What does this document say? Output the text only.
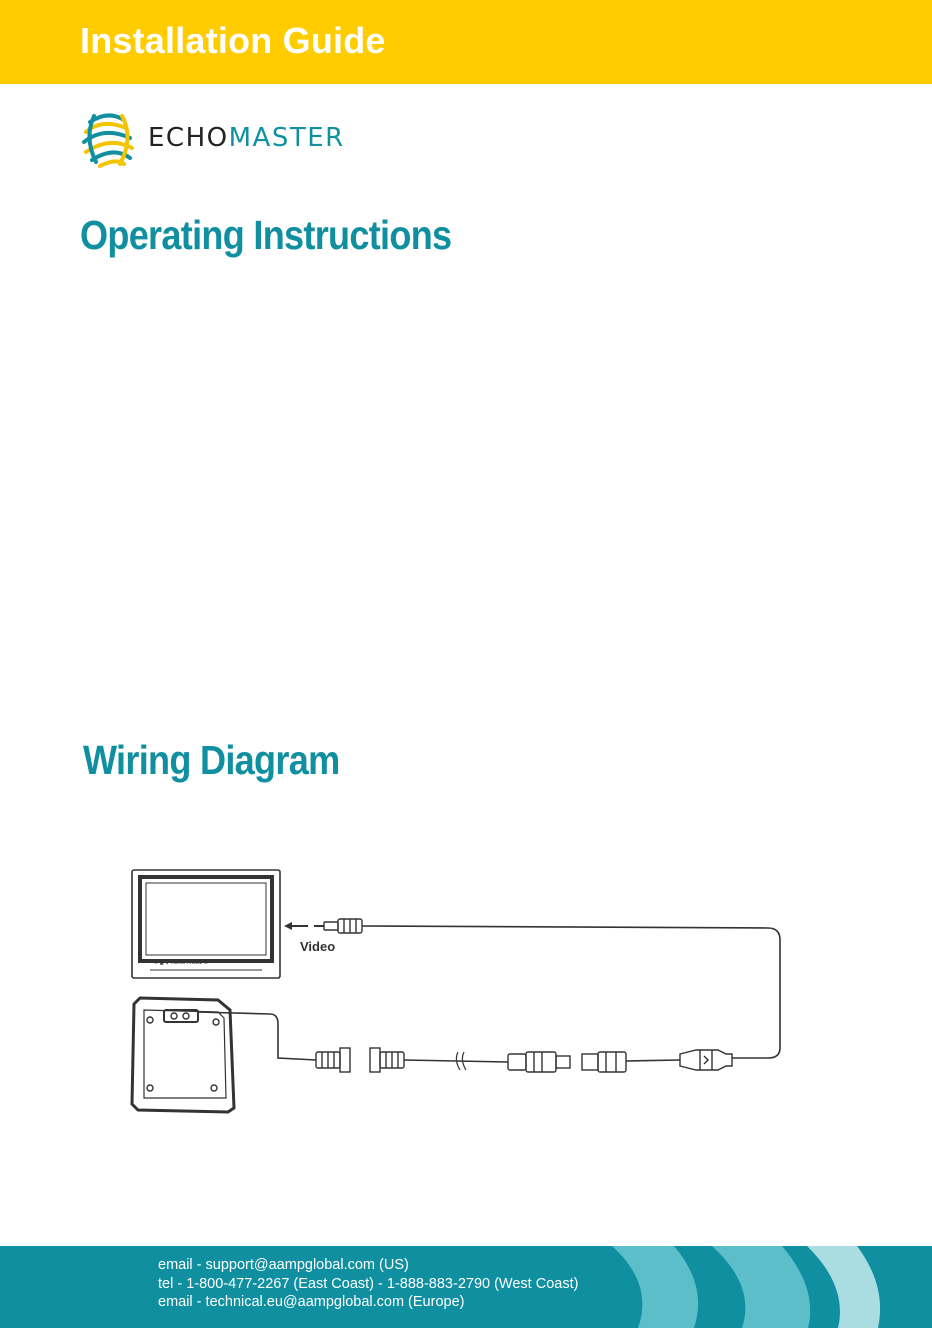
Installation Guide
ECHOMASTER
Operating Instructions
Wiring Diagram
≡ ▲ ▼ MENU MODE ⏻
Video
email - support@aampglobal.com (US)
tel - 1-800-477-2267 (East Coast) - 1-888-883-2790 (West Coast)
email - technical.eu@aampglobal.com (Europe)
